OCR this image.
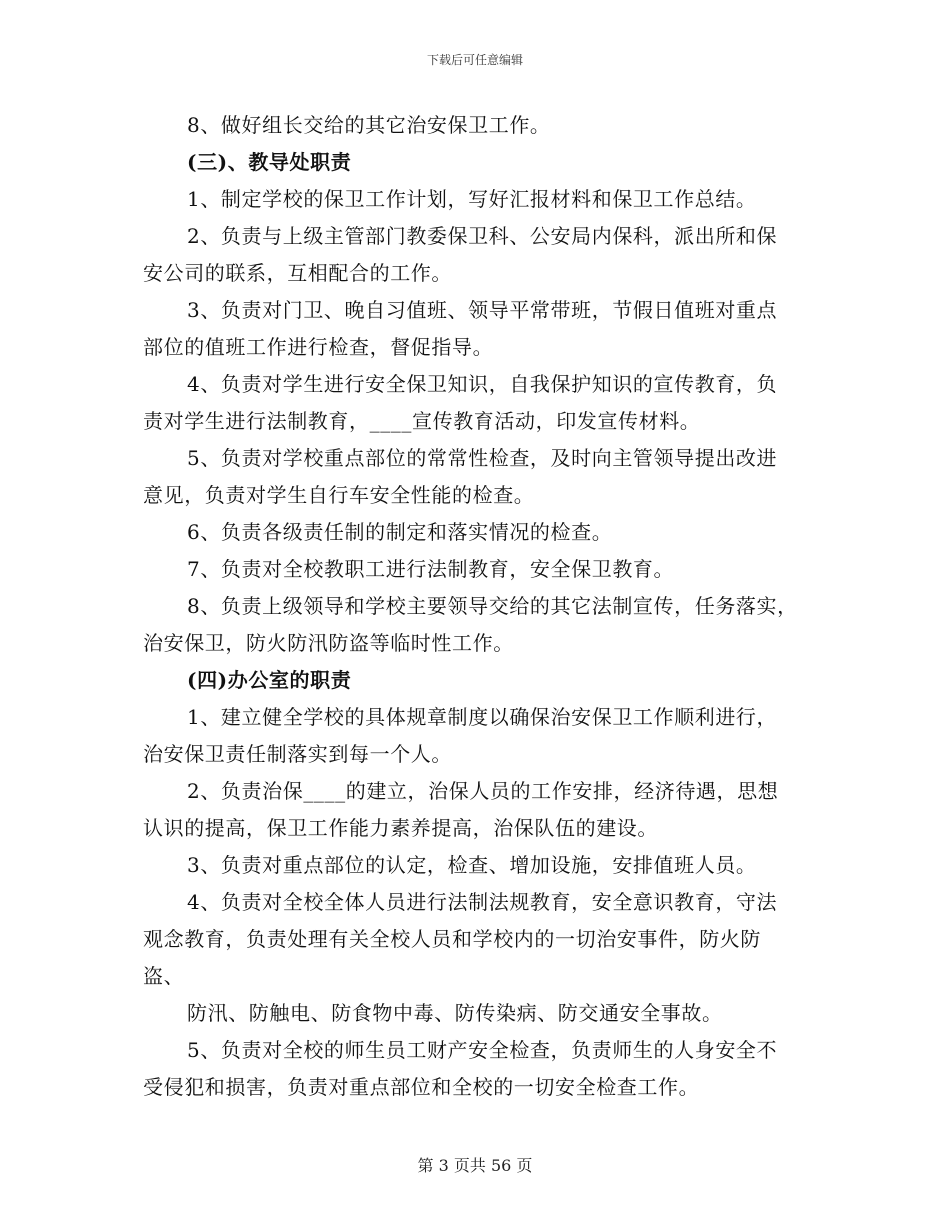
下载后可任意编辑
8、做好组长交给的其它治安保卫工作。
(三)、教导处职责
1、制定学校的保卫工作计划，写好汇报材料和保卫工作总结。
2、负责与上级主管部门教委保卫科、公安局内保科，派出所和保
安公司的联系，互相配合的工作。
3、负责对门卫、晚自习值班、领导平常带班，节假日值班对重点
部位的值班工作进行检查，督促指导。
4、负责对学生进行安全保卫知识，自我保护知识的宣传教育，负
责对学生进行法制教育，____宣传教育活动，印发宣传材料。
5、负责对学校重点部位的常常性检查，及时向主管领导提出改进
意见，负责对学生自行车安全性能的检查。
6、负责各级责任制的制定和落实情况的检查。
7、负责对全校教职工进行法制教育，安全保卫教育。
8、负责上级领导和学校主要领导交给的其它法制宣传，任务落实，
治安保卫，防火防汛防盗等临时性工作。
(四)办公室的职责
1、建立健全学校的具体规章制度以确保治安保卫工作顺利进行，
治安保卫责任制落实到每一个人。
2、负责治保____的建立，治保人员的工作安排，经济待遇，思想
认识的提高，保卫工作能力素养提高，治保队伍的建设。
3、负责对重点部位的认定，检查、增加设施，安排值班人员。
4、负责对全校全体人员进行法制法规教育，安全意识教育，守法
观念教育，负责处理有关全校人员和学校内的一切治安事件，防火防
盗、
防汛、防触电、防食物中毒、防传染病、防交通安全事故。
5、负责对全校的师生员工财产安全检查，负责师生的人身安全不
受侵犯和损害，负责对重点部位和全校的一切安全检查工作。
第 3 页共 56 页
